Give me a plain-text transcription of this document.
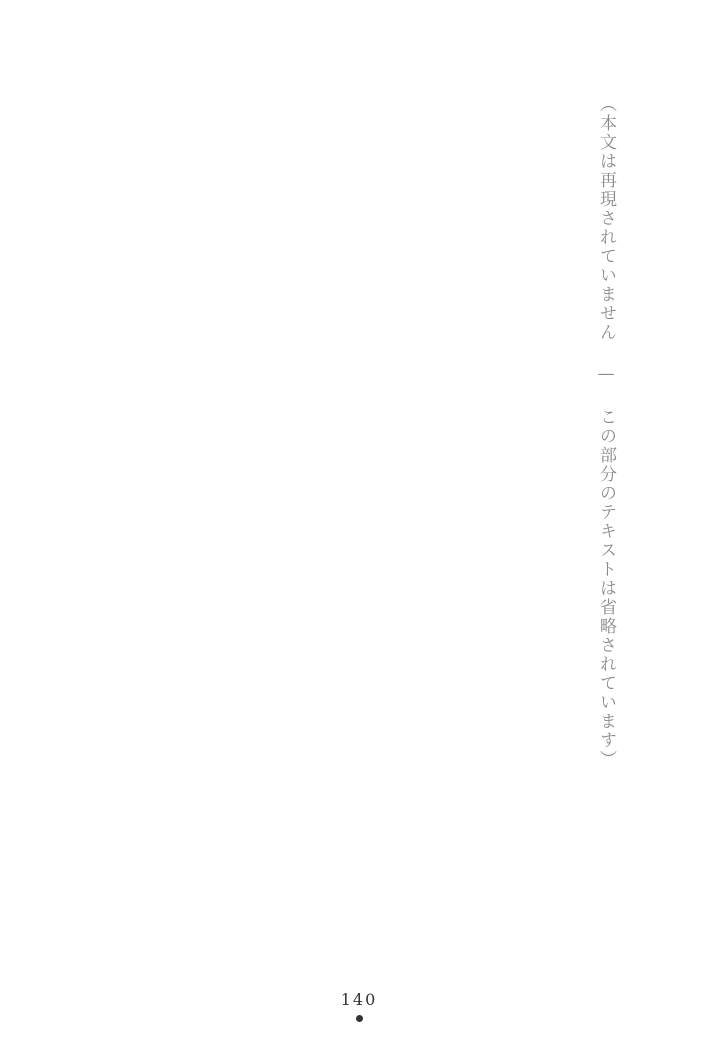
（本文は再現されていません — この部分のテキストは省略されています）
140
